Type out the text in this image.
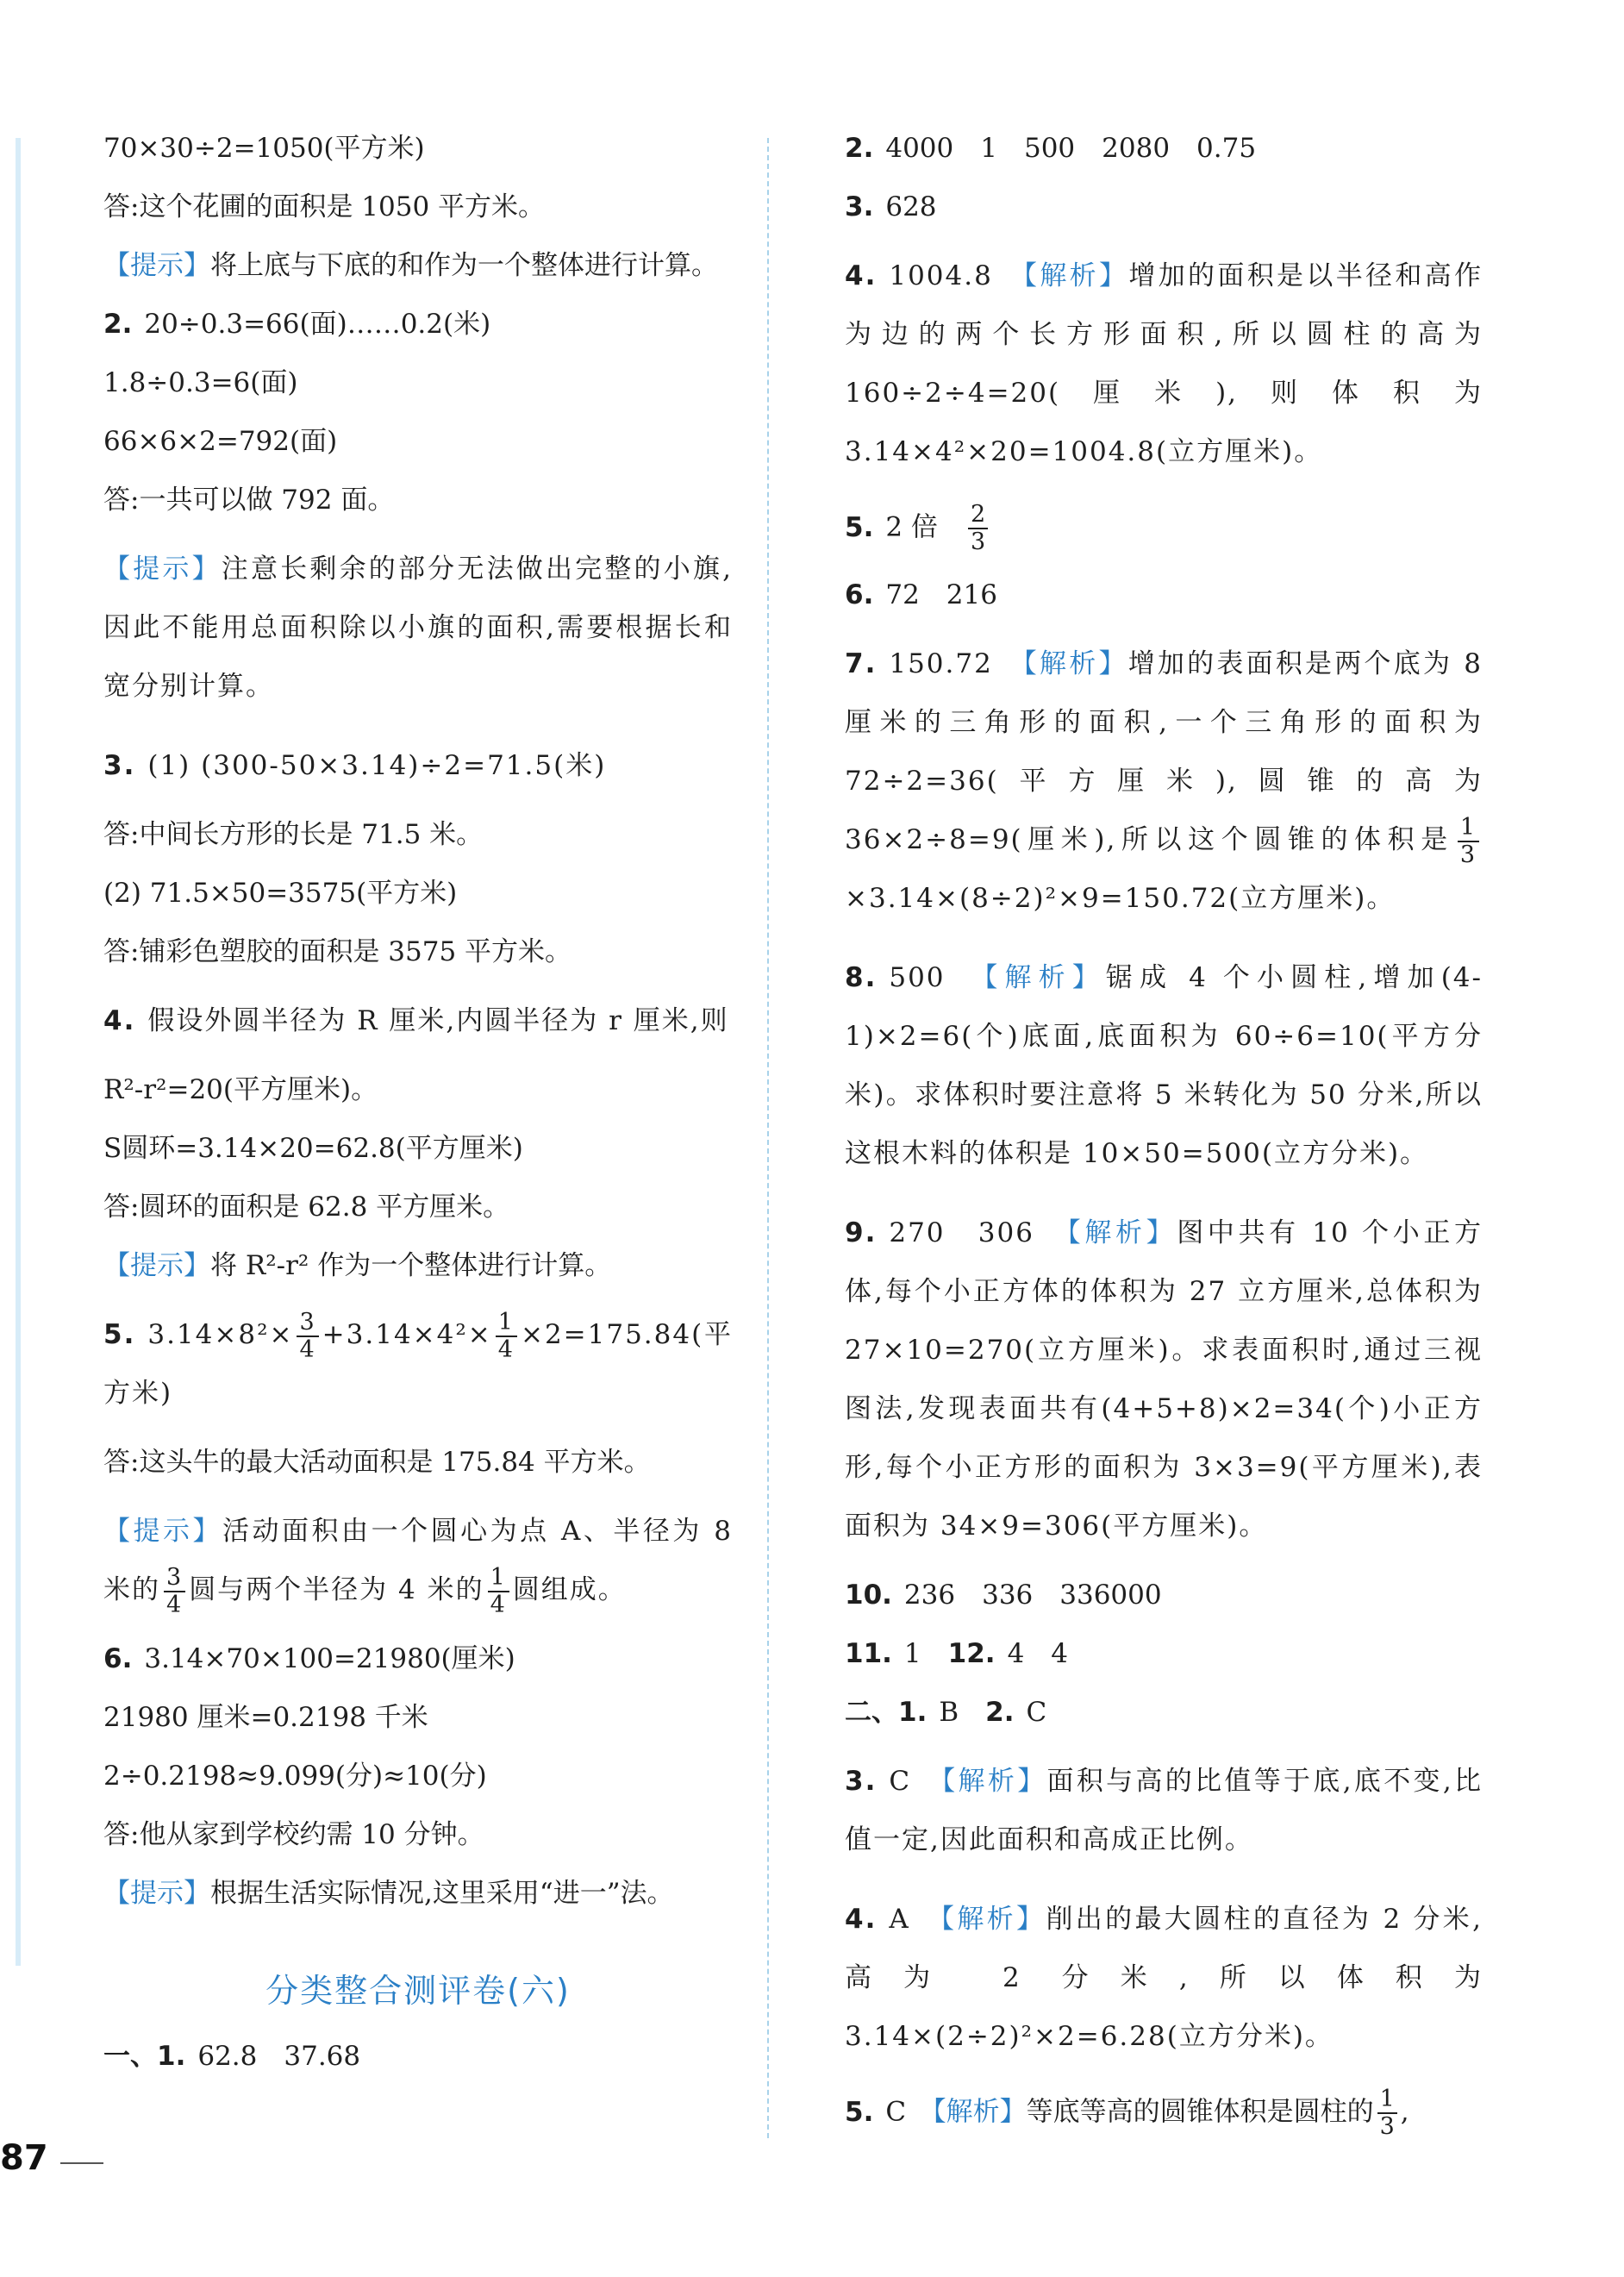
70×30÷2=1050(平方米)
答:这个花圃的面积是 1050 平方米。
【提示】将上底与下底的和作为一个整体进行计算。
2. 20÷0.3=66(面)……0.2(米)
1.8÷0.3=6(面)
66×6×2=792(面)
答:一共可以做 792 面。
【提示】注意长剩余的部分无法做出完整的小旗,因此不能用总面积除以小旗的面积,需要根据长和宽分别计算。
3. (1) (300-50×3.14)÷2=71.5(米)
答:中间长方形的长是 71.5 米。
(2) 71.5×50=3575(平方米)
答:铺彩色塑胶的面积是 3575 平方米。
4. 假设外圆半径为 R 厘米,内圆半径为 r 厘米,则
R²-r²=20(平方厘米)。
S圆环=3.14×20=62.8(平方厘米)
答:圆环的面积是 62.8 平方厘米。
【提示】将 R²-r² 作为一个整体进行计算。
5. $3.14\times 8^2\times \frac{3}{4} +3.14\times 4^2\times \frac{1}{4} \times 2=175.84$(平方米)
答:这头牛的最大活动面积是 175.84 平方米。
【提示】活动面积由一个圆心为点 A、半径为 8 米的 $\frac{3}{4}$ 圆与两个半径为 4 米的 $\frac{1}{4}$ 圆组成。
6. 3.14×70×100=21980(厘米)
21980 厘米=0.2198 千米
2÷0.2198≈9.099(分)≈10(分)
答:他从家到学校约需 10 分钟。
【提示】根据生活实际情况,这里采用“进一”法。
分类整合测评卷(六)
一、1. 62.8　37.68
2. 4000　1　500　2080　0.75
3. 628
4. 1004.8　 【解析】增加的面积是以半径和高作为边的两个长方形面积,所以圆柱的高为 160÷2÷4=20(厘米),则体积为 3.14×4²×20=1004.8(立方厘米)。
5. 2 倍　 $\frac{2}{3}$
6. 72　216
7. 150.72　 【解析】增加的表面积是两个底为 8 厘米的三角形的面积,一个三角形的面积为 72÷2=36(平方厘米),圆锥的高为 36×2÷8=9(厘米),所以这个圆锥的体积是 $\frac{1}{3}$
×3.14×(8÷2)²×9=150.72(立方厘米)。
8. 500　 【解析】锯成 4 个小圆柱,增加(4-1)×2=6(个)底面,底面积为 60÷6=10(平方分米)。求体积时要注意将 5 米转化为 50 分米,所以这根木料的体积是 10×50=500(立方分米)。
9. 270　306　 【解析】图中共有 10 个小正方体,每个小正方体的体积为 27 立方厘米,总体积为 27×10=270(立方厘米)。求表面积时,通过三视图法,发现表面共有(4+5+8)×2=34(个)小正方形,每个小正方形的面积为 3×3=9(平方厘米),表面积为 34×9=306(平方厘米)。
10. 236　336　336000
11. 1　 12. 4　4
二、1. B　 2. C
3. C　 【解析】面积与高的比值等于底,底不变,比值一定,因此面积和高成正比例。
4. A　 【解析】削出的最大圆柱的直径为 2 分米,高为 2 分米,所以体积为 3.14×(2÷2)²×2=6.28(立方分米)。
5. C　 【解析】等底等高的圆锥体积是圆柱的 $\frac{1}{3}$ ,
87
